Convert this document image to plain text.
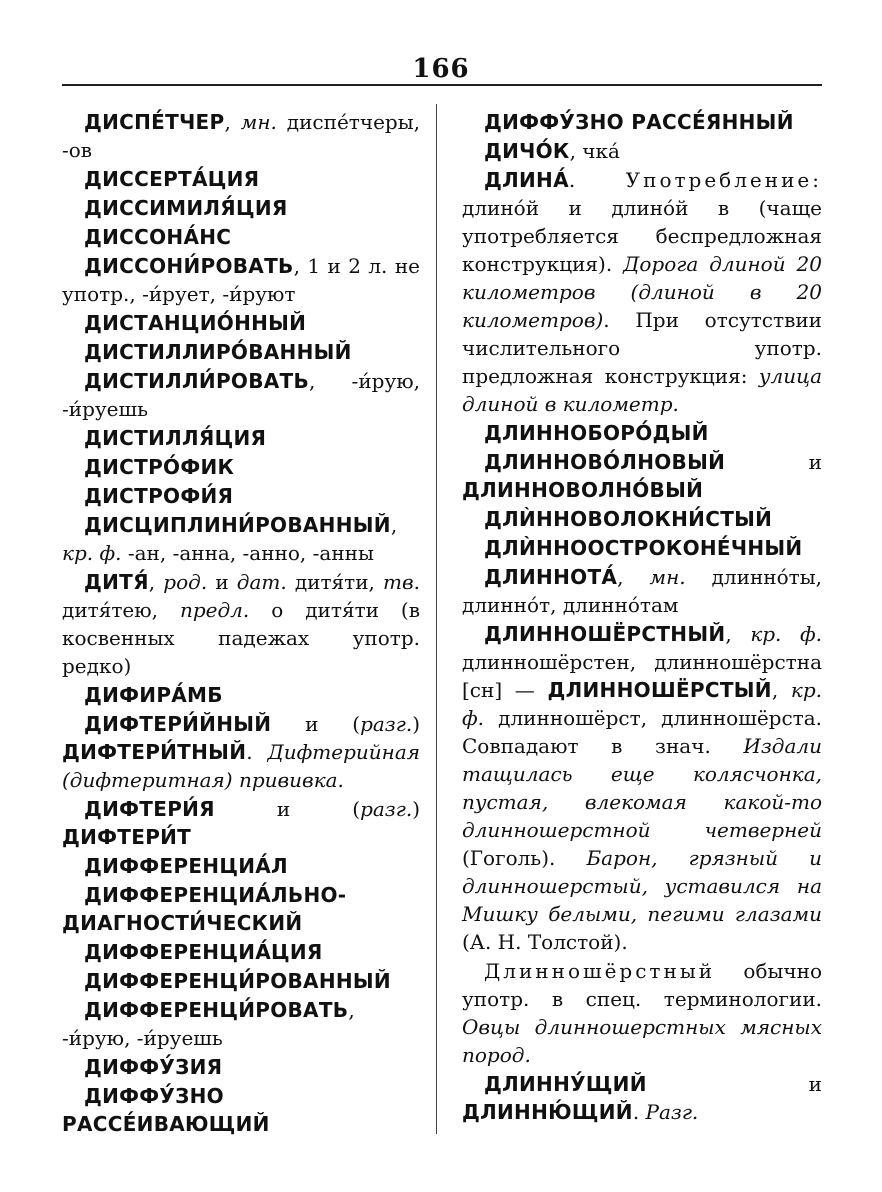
166

ДИСПЕ́ТЧЕР, мн. диспе́тчеры, -ов

ДИССЕРТА́ЦИЯ

ДИССИМИЛЯ́ЦИЯ

ДИССОНА́НС

ДИССОНИ́РОВАТЬ, 1 и 2 л. не употр., -и́рует, -и́руют

ДИСТАНЦИО́ННЫЙ

ДИСТИЛЛИРО́ВАННЫЙ

ДИСТИЛЛИ́РОВАТЬ, -и́рую, -и́руешь

ДИСТИЛЛЯ́ЦИЯ

ДИСТРО́ФИК

ДИСТРОФИ́Я

ДИСЦИПЛИНИ́РОВАННЫЙ, кр. ф. -ан, -анна, -анно, -анны

ДИТЯ́, род. и дат. дитя́ти, тв. дитя́тею, предл. о дитя́ти (в косвенных падежах употр. редко)

ДИФИРА́МБ

ДИФТЕРИ́ЙНЫЙ и (разг.) ДИФТЕРИ́ТНЫЙ. Дифтерийная (дифтеритная) прививка.

ДИФТЕРИ́Я и (разг.) ДИФТЕРИ́Т

ДИФФЕРЕНЦИА́Л

ДИФФЕРЕНЦИА́ЛЬНО-ДИАГНОСТИ́ЧЕСКИЙ

ДИФФЕРЕНЦИА́ЦИЯ

ДИФФЕРЕНЦИ́РОВАННЫЙ

ДИФФЕРЕНЦИ́РОВАТЬ, -и́рую, -и́руешь

ДИФФУ́ЗИЯ

ДИФФУ́ЗНО РАССЕ́ИВАЮЩИЙ

ДИФФУ́ЗНО РАССЕ́ЯННЫЙ

ДИЧО́К, чка́

ДЛИНА́. Употребление: длино́й и длино́й в (чаще употребляется беспредложная конструкция). Дорога длиной 20 километров (длиной в 20 километров). При отсутствии числительного употр. предложная конструкция: улица длиной в километр.

ДЛИННОБОРО́ДЫЙ

ДЛИННОВО́ЛНОВЫЙ и ДЛИННОВОЛНО́ВЫЙ

ДЛЍННОВОЛОКНИ́СТЫЙ

ДЛЍННООСТРОКОНЕ́ЧНЫЙ

ДЛИННОТА́, мн. длинно́ты, длинно́т, длинно́там

ДЛИННОШЁРСТНЫЙ, кр. ф. длинношёрстен, длинношёрстна [сн] — ДЛИННОШЁРСТЫЙ, кр. ф. длинношёрст, длинношёрста. Совпадают в знач. Издали тащилась еще колясчонка, пустая, влекомая какой-то длинношерстной четверней (Гоголь). Барон, грязный и длинношерстый, уставился на Мишку белыми, пегими глазами (А. Н. Толстой).

Длинношёрстный обычно употр. в спец. терминологии. Овцы длинношерстных мясных пород.

ДЛИННУ́ЩИЙ и ДЛИННЮ́ЩИЙ. Разг.
